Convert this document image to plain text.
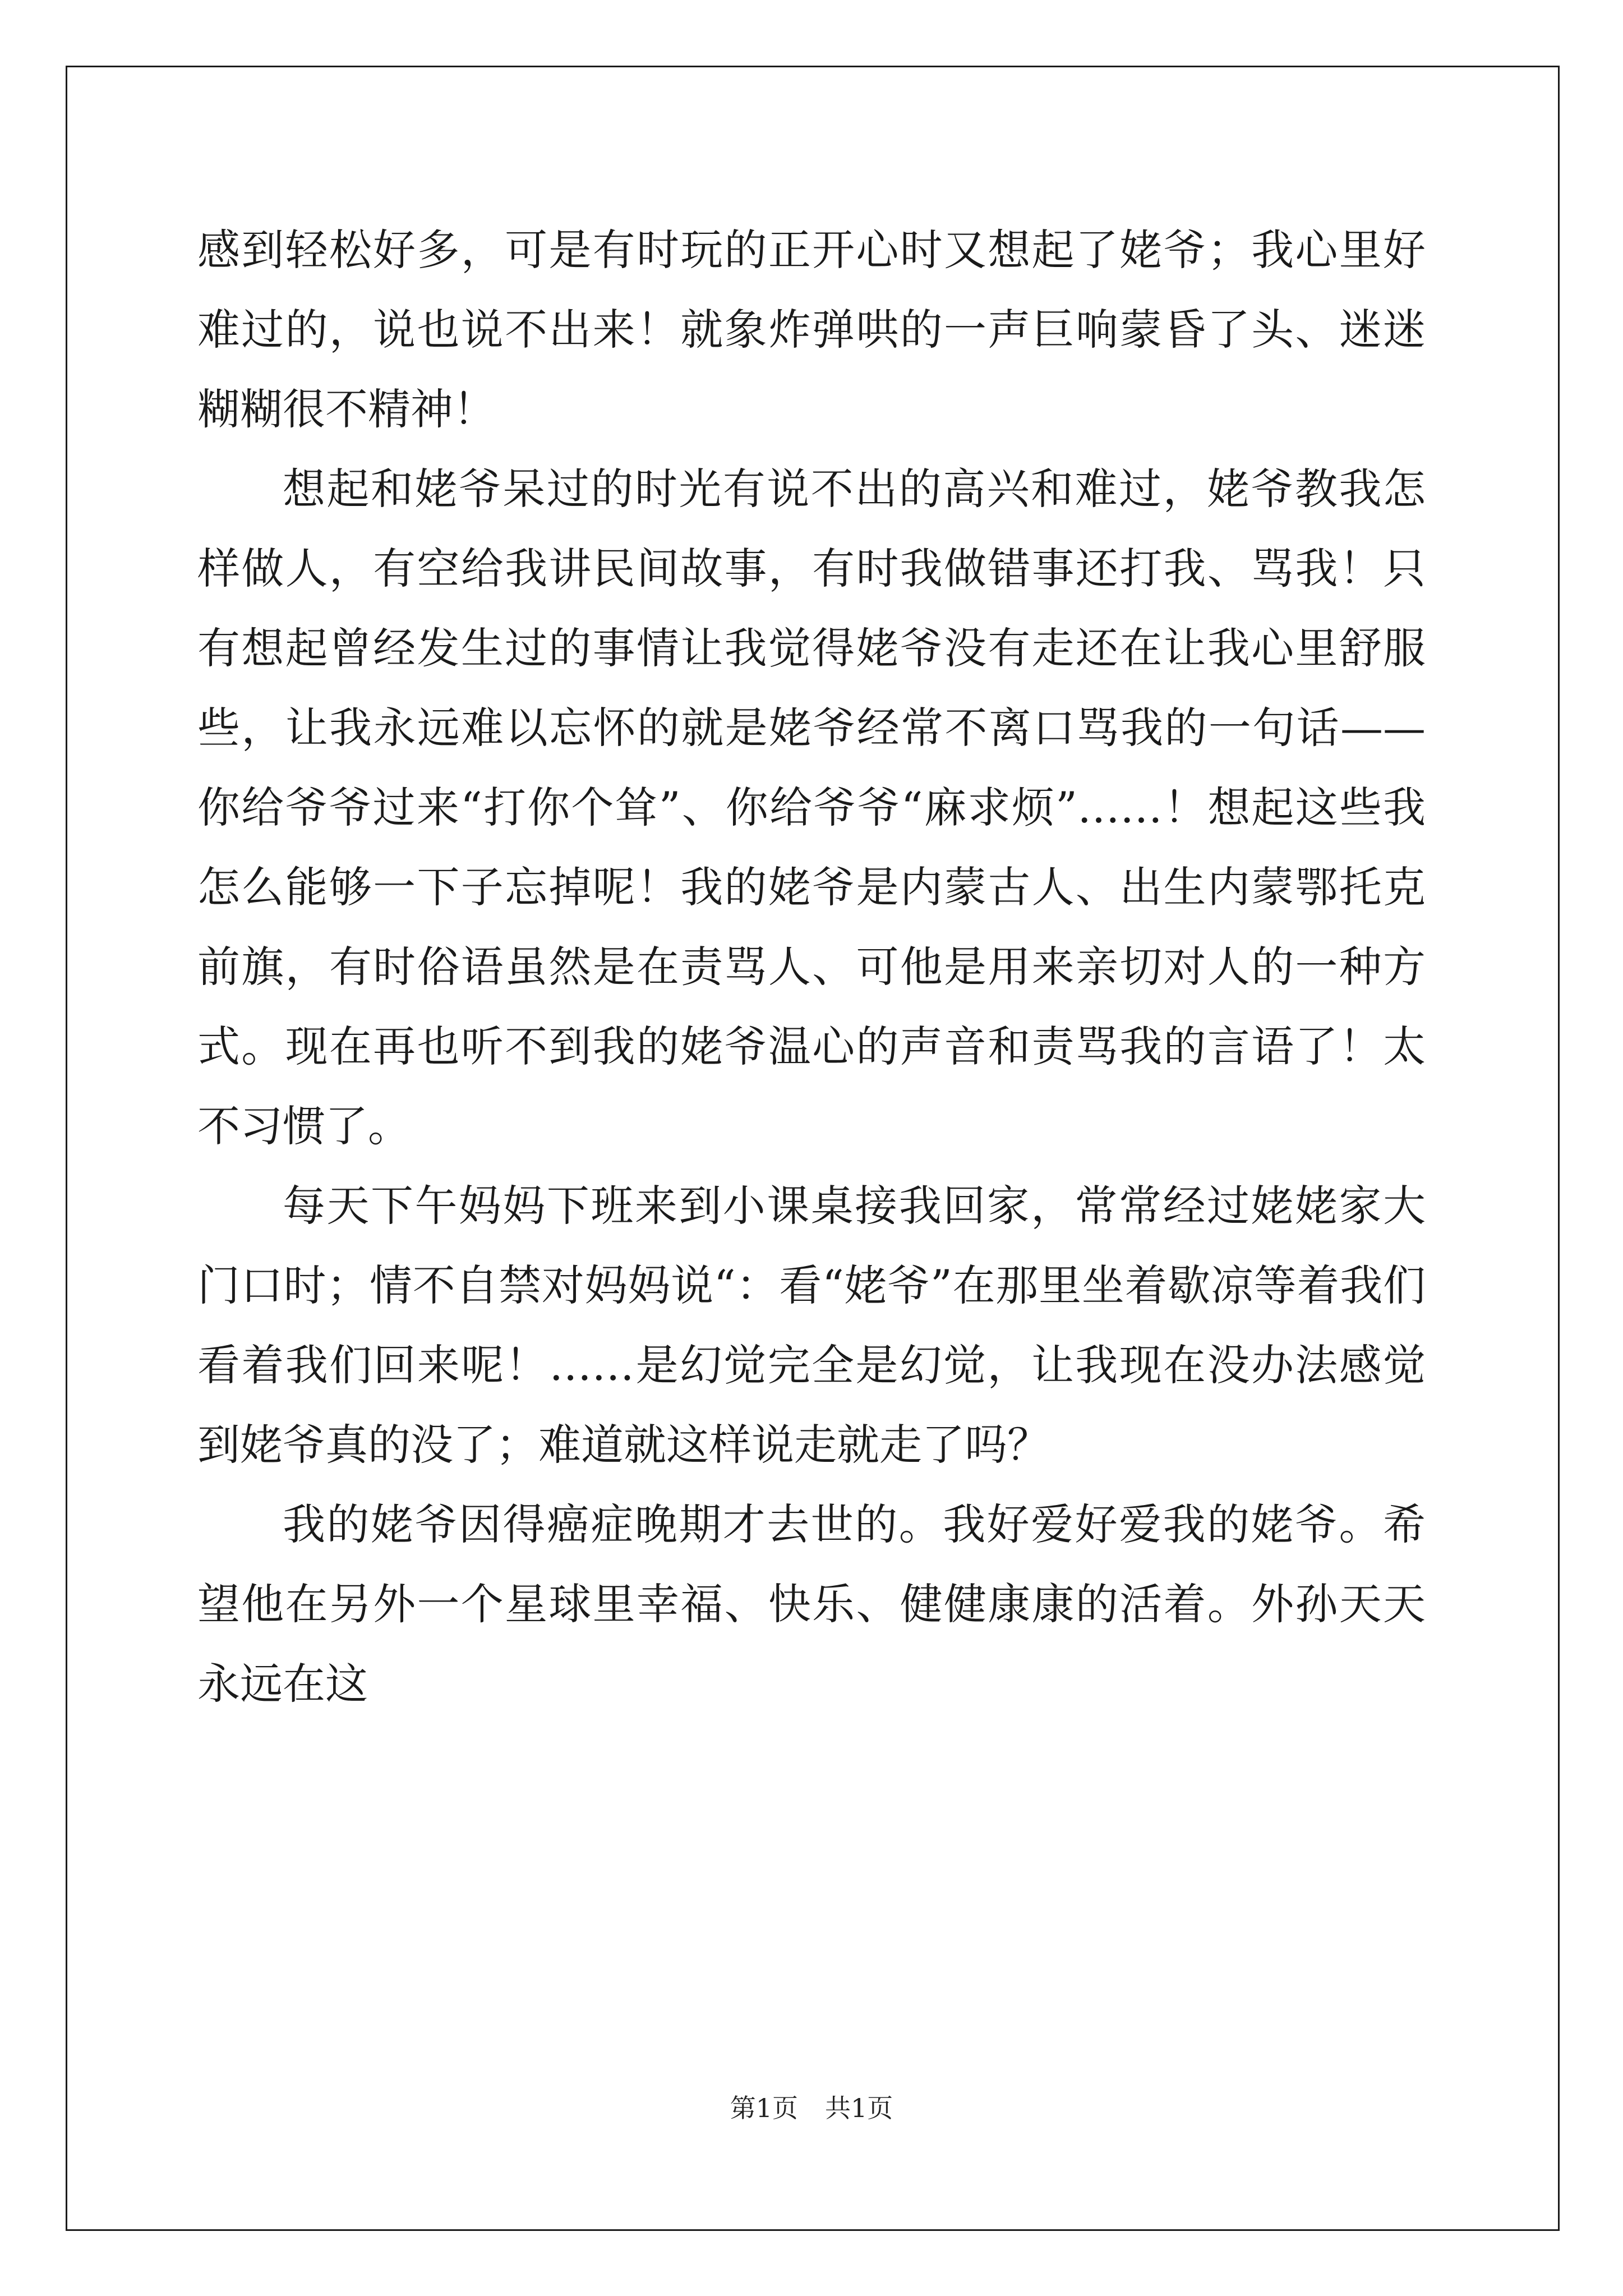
感到轻松好多，可是有时玩的正开心时又想起了姥爷；我心里好难过的，说也说不出来！就象炸弹哄的一声巨响蒙昏了头、迷迷糊糊很不精神！

想起和姥爷呆过的时光有说不出的高兴和难过，姥爷教我怎样做人，有空给我讲民间故事，有时我做错事还打我、骂我！只有想起曾经发生过的事情让我觉得姥爷没有走还在让我心里舒服些，让我永远难以忘怀的就是姥爷经常不离口骂我的一句话——你给爷爷过来“打你个耸”、你给爷爷“麻求烦”……！想起这些我怎么能够一下子忘掉呢！我的姥爷是内蒙古人、出生内蒙鄂托克前旗，有时俗语虽然是在责骂人、可他是用来亲切对人的一种方式。现在再也听不到我的姥爷温心的声音和责骂我的言语了！太不习惯了。

每天下午妈妈下班来到小课桌接我回家，常常经过姥姥家大门口时；情不自禁对妈妈说“：看“姥爷”在那里坐着歇凉等着我们看着我们回来呢！……是幻觉完全是幻觉，让我现在没办法感觉到姥爷真的没了；难道就这样说走就走了吗？

我的姥爷因得癌症晚期才去世的。我好爱好爱我的姥爷。希望他在另外一个星球里幸福、快乐、健健康康的活着。外孙天天永远在这

第1页 共1页
